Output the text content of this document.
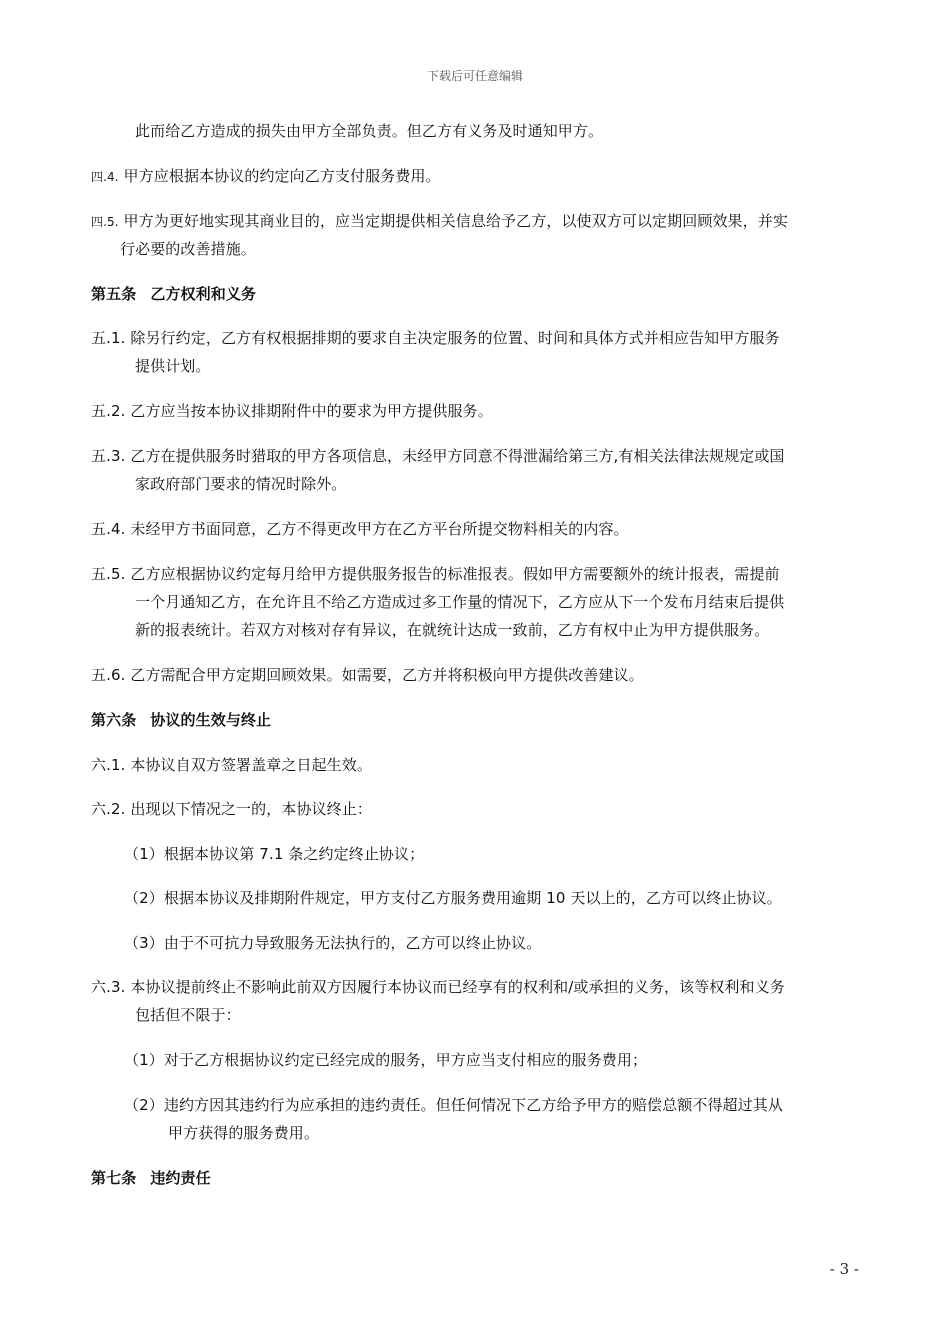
下载后可任意编辑
此而给乙方造成的损失由甲方全部负责。但乙方有义务及时通知甲方。
四.4. 甲方应根据本协议的约定向乙方支付服务费用。
四.5. 甲方为更好地实现其商业目的，应当定期提供相关信息给予乙方，以使双方可以定期回顾效果，并实
行必要的改善措施。
第五条 乙方权利和义务
五.1. 除另行约定，乙方有权根据排期的要求自主决定服务的位置、时间和具体方式并相应告知甲方服务
提供计划。
五.2. 乙方应当按本协议排期附件中的要求为甲方提供服务。
五.3. 乙方在提供服务时猎取的甲方各项信息，未经甲方同意不得泄漏给第三方,有相关法律法规规定或国
家政府部门要求的情况时除外。
五.4. 未经甲方书面同意，乙方不得更改甲方在乙方平台所提交物料相关的内容。
五.5. 乙方应根据协议约定每月给甲方提供服务报告的标准报表。假如甲方需要额外的统计报表，需提前
一个月通知乙方，在允许且不给乙方造成过多工作量的情况下，乙方应从下一个发布月结束后提供
新的报表统计。若双方对核对存有异议，在就统计达成一致前，乙方有权中止为甲方提供服务。
五.6. 乙方需配合甲方定期回顾效果。如需要，乙方并将积极向甲方提供改善建议。
第六条 协议的生效与终止
六.1. 本协议自双方签署盖章之日起生效。
六.2. 出现以下情况之一的，本协议终止：
（1）根据本协议第 7.1 条之约定终止协议；
（2）根据本协议及排期附件规定，甲方支付乙方服务费用逾期 10 天以上的，乙方可以终止协议。
（3）由于不可抗力导致服务无法执行的，乙方可以终止协议。
六.3. 本协议提前终止不影响此前双方因履行本协议而已经享有的权利和/或承担的义务，该等权利和义务
包括但不限于：
（1）对于乙方根据协议约定已经完成的服务，甲方应当支付相应的服务费用；
（2）违约方因其违约行为应承担的违约责任。但任何情况下乙方给予甲方的赔偿总额不得超过其从
甲方获得的服务费用。
第七条 违约责任
- 3 -
